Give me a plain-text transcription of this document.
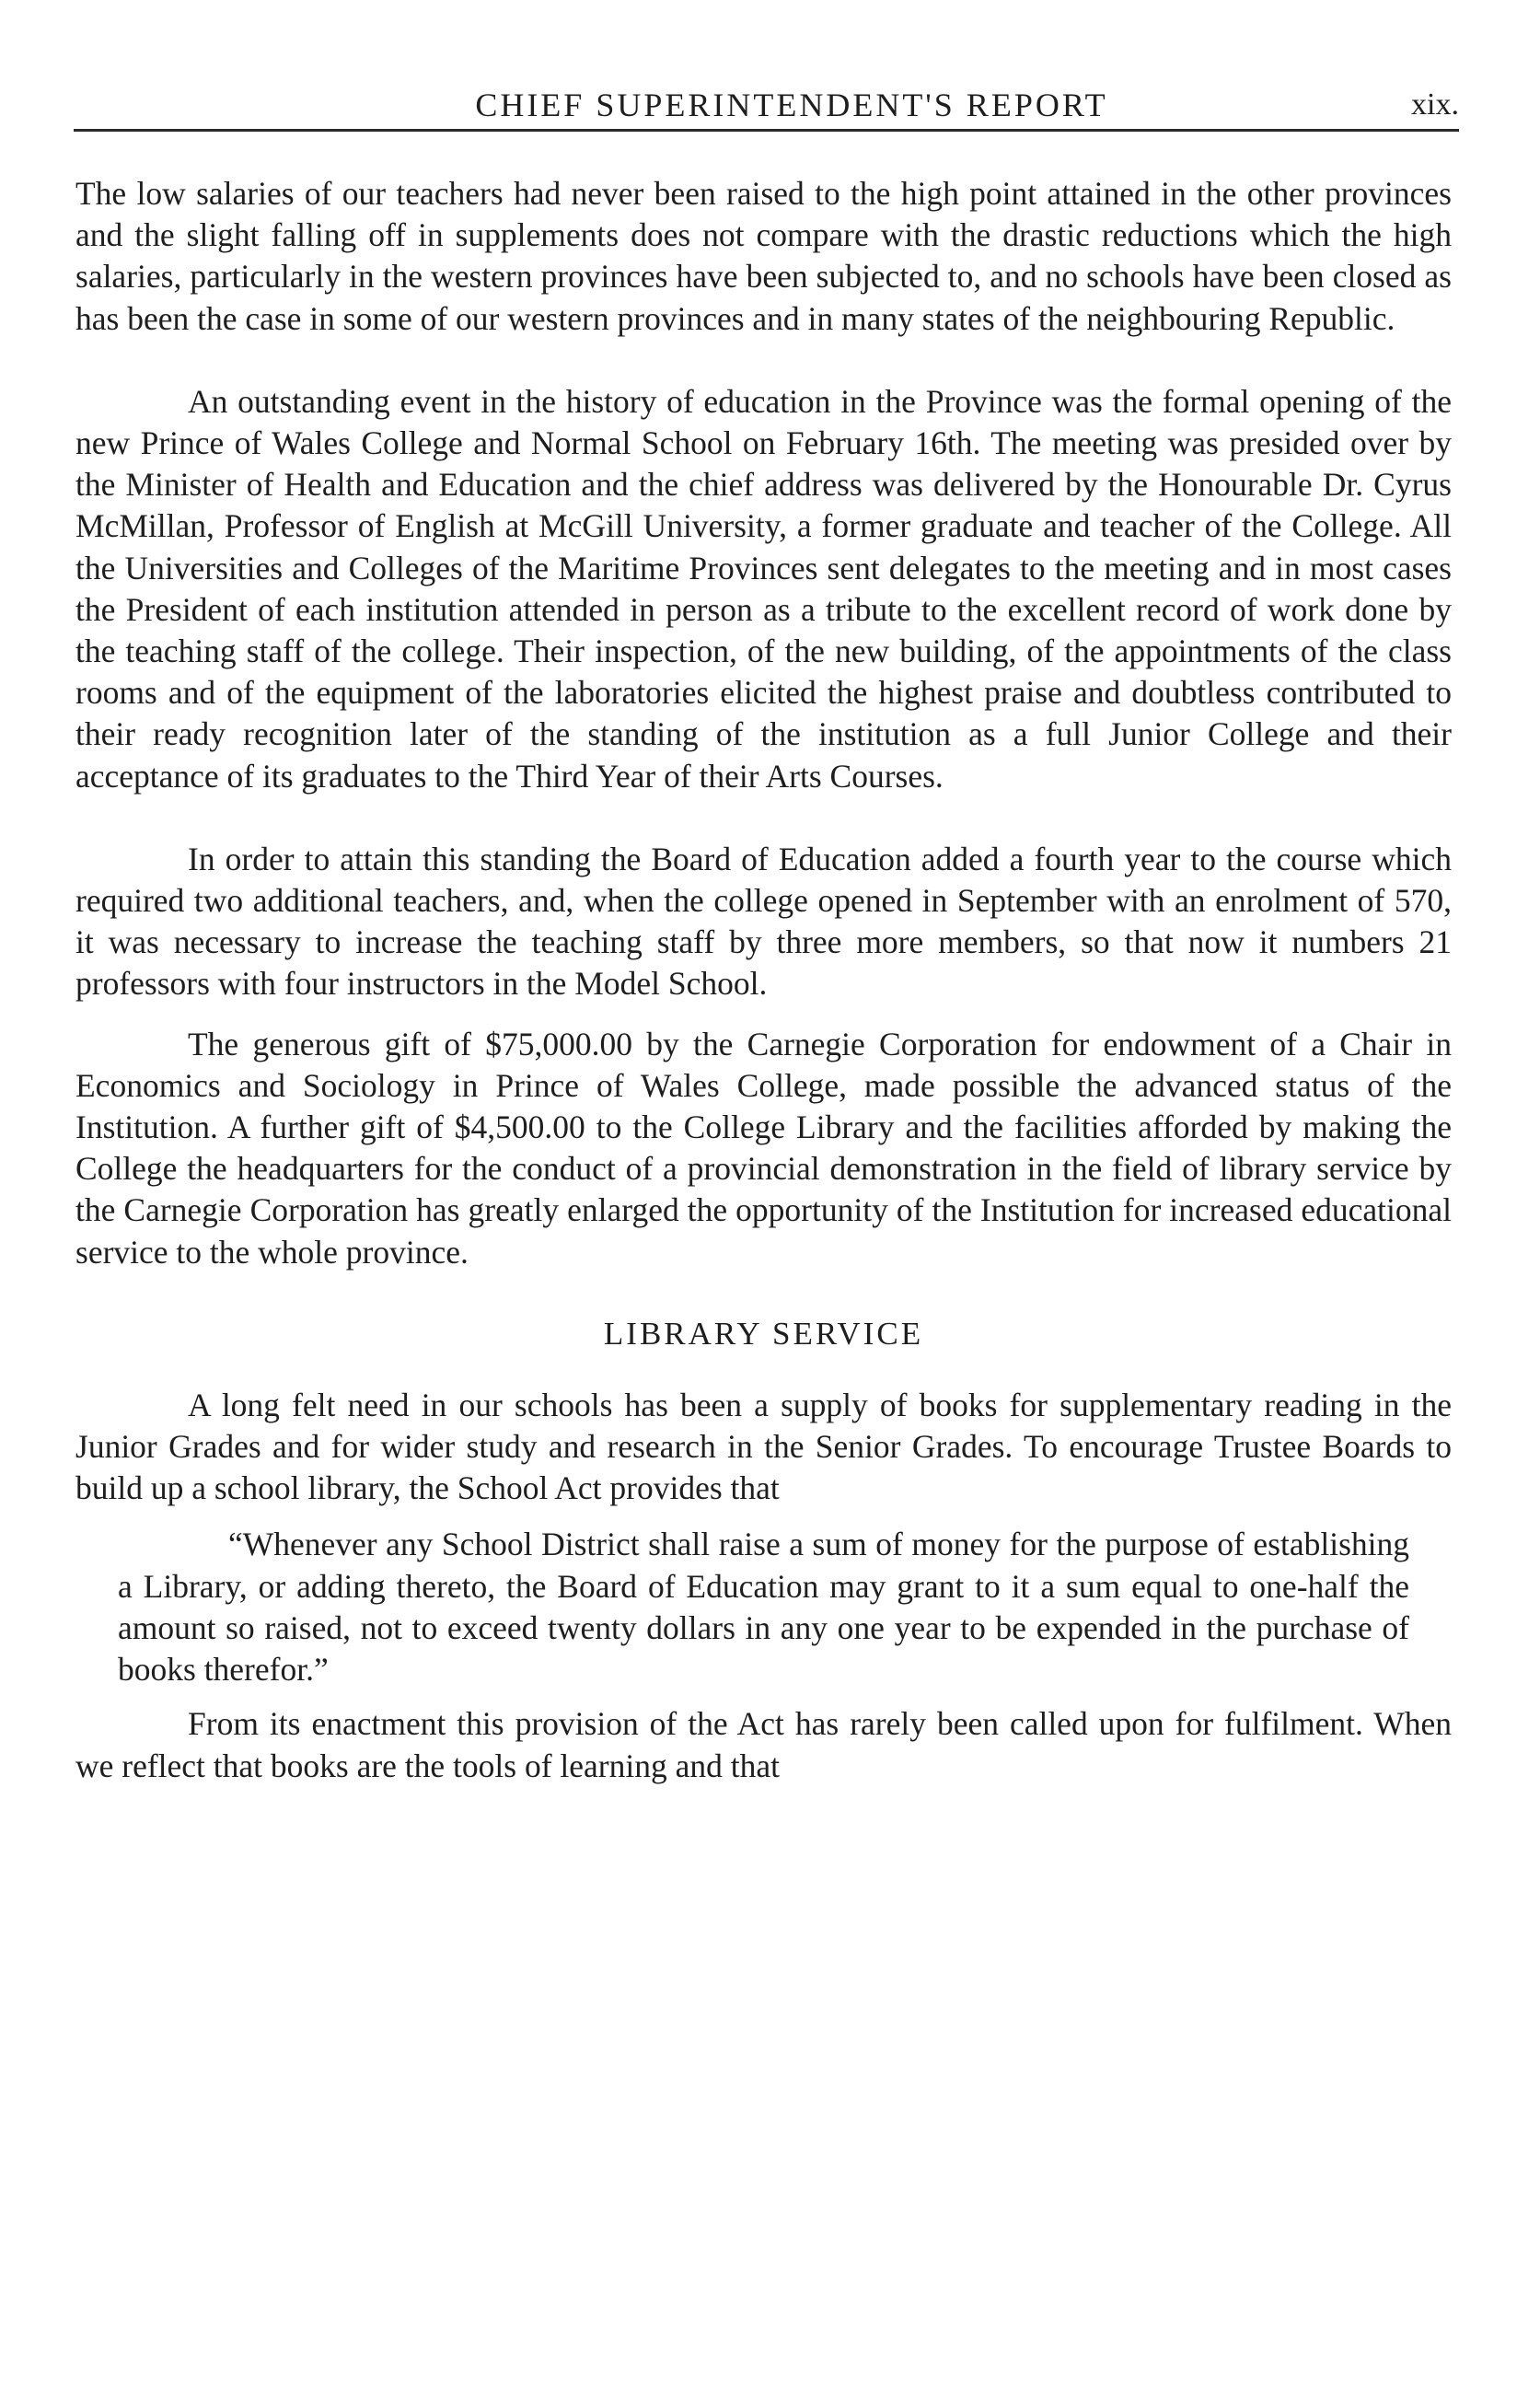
CHIEF SUPERINTENDENT'S REPORT	xix.

The low salaries of our teachers had never been raised to the high point attained in the other provinces and the slight falling off in supplements does not compare with the drastic reductions which the high salaries, particularly in the western provinces have been subjected to, and no schools have been closed as has been the case in some of our western provinces and in many states of the neighbouring Republic.

An outstanding event in the history of education in the Province was the formal opening of the new Prince of Wales College and Normal School on February 16th. The meeting was presided over by the Minister of Health and Education and the chief address was delivered by the Honourable Dr. Cyrus McMillan, Professor of English at McGill University, a former graduate and teacher of the College. All the Universities and Colleges of the Maritime Provinces sent delegates to the meeting and in most cases the President of each institution attended in person as a tribute to the excellent record of work done by the teaching staff of the college. Their inspection, of the new building, of the appointments of the class rooms and of the equipment of the laboratories elicited the highest praise and doubtless contributed to their ready recognition later of the standing of the institution as a full Junior College and their acceptance of its graduates to the Third Year of their Arts Courses.

In order to attain this standing the Board of Education added a fourth year to the course which required two additional teachers, and, when the college opened in September with an enrolment of 570, it was necessary to increase the teaching staff by three more members, so that now it numbers 21 professors with four instructors in the Model School.

The generous gift of $75,000.00 by the Carnegie Corporation for endowment of a Chair in Economics and Sociology in Prince of Wales College, made possible the advanced status of the Institution. A further gift of $4,500.00 to the College Library and the facilities afforded by making the College the headquarters for the conduct of a provincial demonstration in the field of library service by the Carnegie Corporation has greatly enlarged the opportunity of the Institution for increased educational service to the whole province.

LIBRARY SERVICE

A long felt need in our schools has been a supply of books for supplementary reading in the Junior Grades and for wider study and research in the Senior Grades. To encourage Trustee Boards to build up a school library, the School Act provides that

“Whenever any School District shall raise a sum of money for the purpose of establishing a Library, or adding thereto, the Board of Education may grant to it a sum equal to one-half the amount so raised, not to exceed twenty dollars in any one year to be expended in the purchase of books therefor.”

From its enactment this provision of the Act has rarely been called upon for fulfilment. When we reflect that books are the tools of learning and that
